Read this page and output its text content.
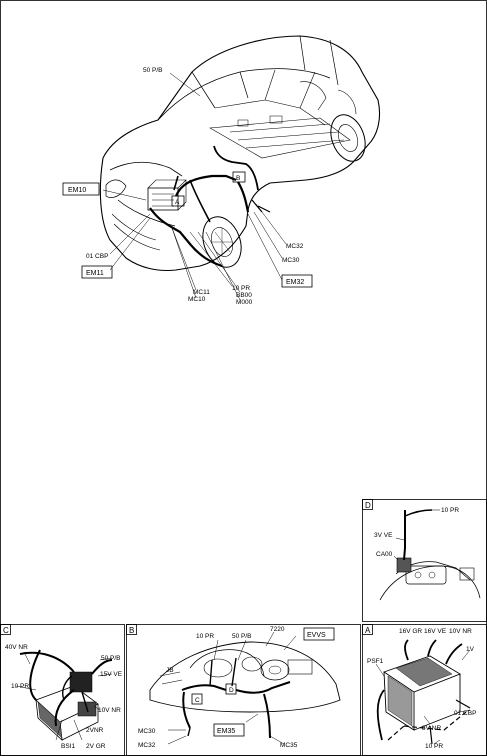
A
B
50 P/B
EM10
01 CBP
EM11
MC11
MC10
10 PR
BB00
M000
MC32
MC30
EM32
D
10 PR
3V VE
CA00
C
40V NR
50 P/B
15V VE
10 PR
10V NR
2VNR
BSI1 2V GR
B
JB
C
D
10 PR	50 P/B
7220
EVVS
MC30
MC32
EM35
MC35
A	16V GR 16V VE 10V NR
PSF1
1V
8V NR
01 CBP
10 PR
